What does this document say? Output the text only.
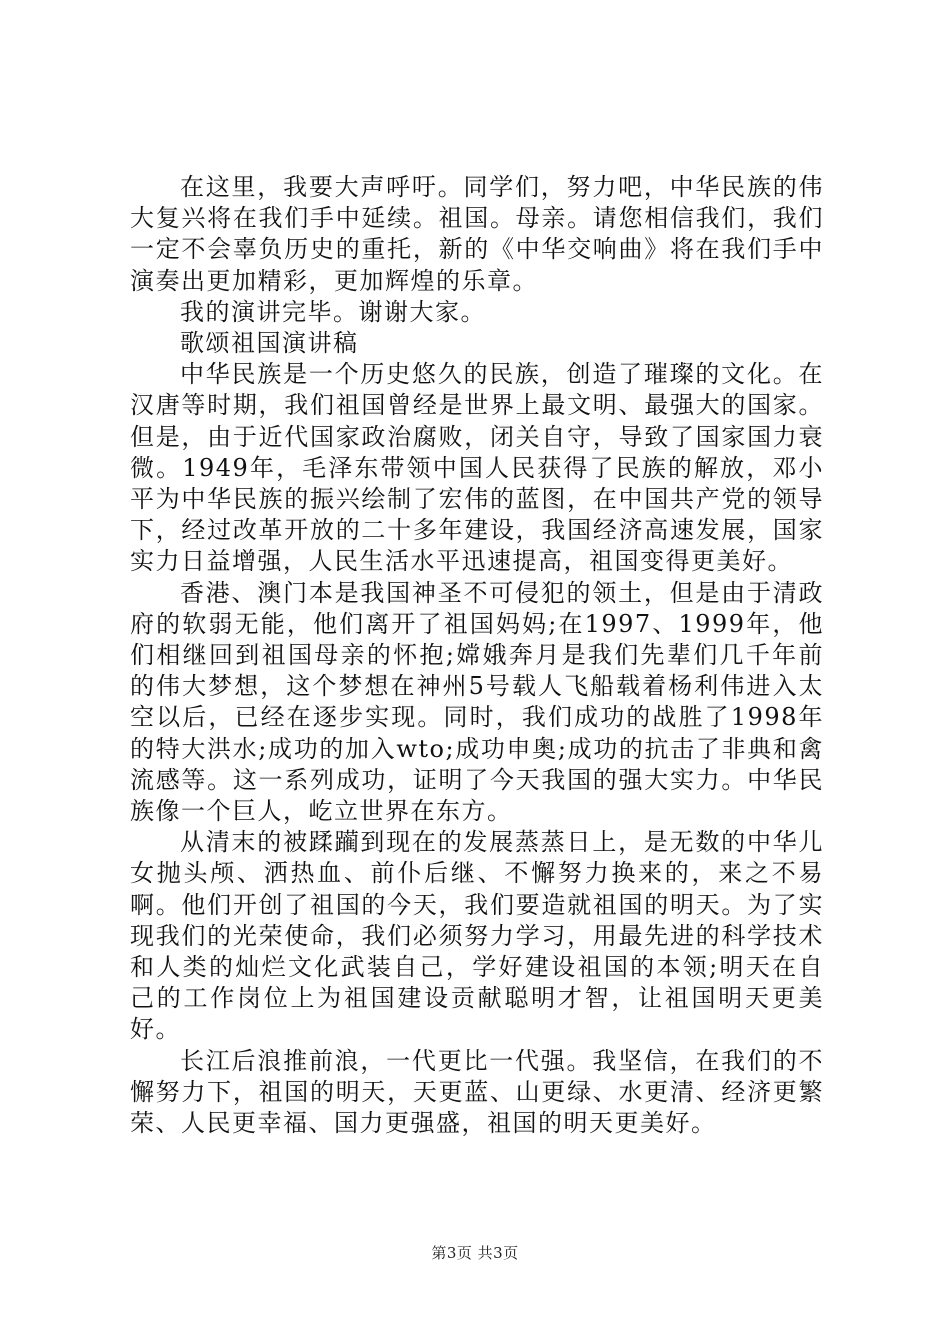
在这里，我要大声呼吁。同学们，努力吧，中华民族的伟大复兴将在我们手中延续。祖国。母亲。请您相信我们，我们一定不会辜负历史的重托，新的《中华交响曲》将在我们手中演奏出更加精彩，更加辉煌的乐章。

我的演讲完毕。谢谢大家。

歌颂祖国演讲稿

中华民族是一个历史悠久的民族，创造了璀璨的文化。在汉唐等时期，我们祖国曾经是世界上最文明、最强大的国家。但是，由于近代国家政治腐败，闭关自守，导致了国家国力衰微。1949年，毛泽东带领中国人民获得了民族的解放，邓小平为中华民族的振兴绘制了宏伟的蓝图，在中国共产党的领导下，经过改革开放的二十多年建设，我国经济高速发展，国家实力日益增强，人民生活水平迅速提高，祖国变得更美好。

香港、澳门本是我国神圣不可侵犯的领土，但是由于清政府的软弱无能，他们离开了祖国妈妈;在1997、1999年，他们相继回到祖国母亲的怀抱;嫦娥奔月是我们先辈们几千年前的伟大梦想，这个梦想在神州5号载人飞船载着杨利伟进入太空以后，已经在逐步实现。同时，我们成功的战胜了1998年的特大洪水;成功的加入wto;成功申奥;成功的抗击了非典和禽流感等。这一系列成功，证明了今天我国的强大实力。中华民族像一个巨人，屹立世界在东方。

从清末的被蹂躏到现在的发展蒸蒸日上，是无数的中华儿女抛头颅、洒热血、前仆后继、不懈努力换来的，来之不易啊。他们开创了祖国的今天，我们要造就祖国的明天。为了实现我们的光荣使命，我们必须努力学习，用最先进的科学技术和人类的灿烂文化武装自己，学好建设祖国的本领;明天在自己的工作岗位上为祖国建设贡献聪明才智，让祖国明天更美好。

长江后浪推前浪，一代更比一代强。我坚信，在我们的不懈努力下，祖国的明天，天更蓝、山更绿、水更清、经济更繁荣、人民更幸福、国力更强盛，祖国的明天更美好。

第3页 共3页
